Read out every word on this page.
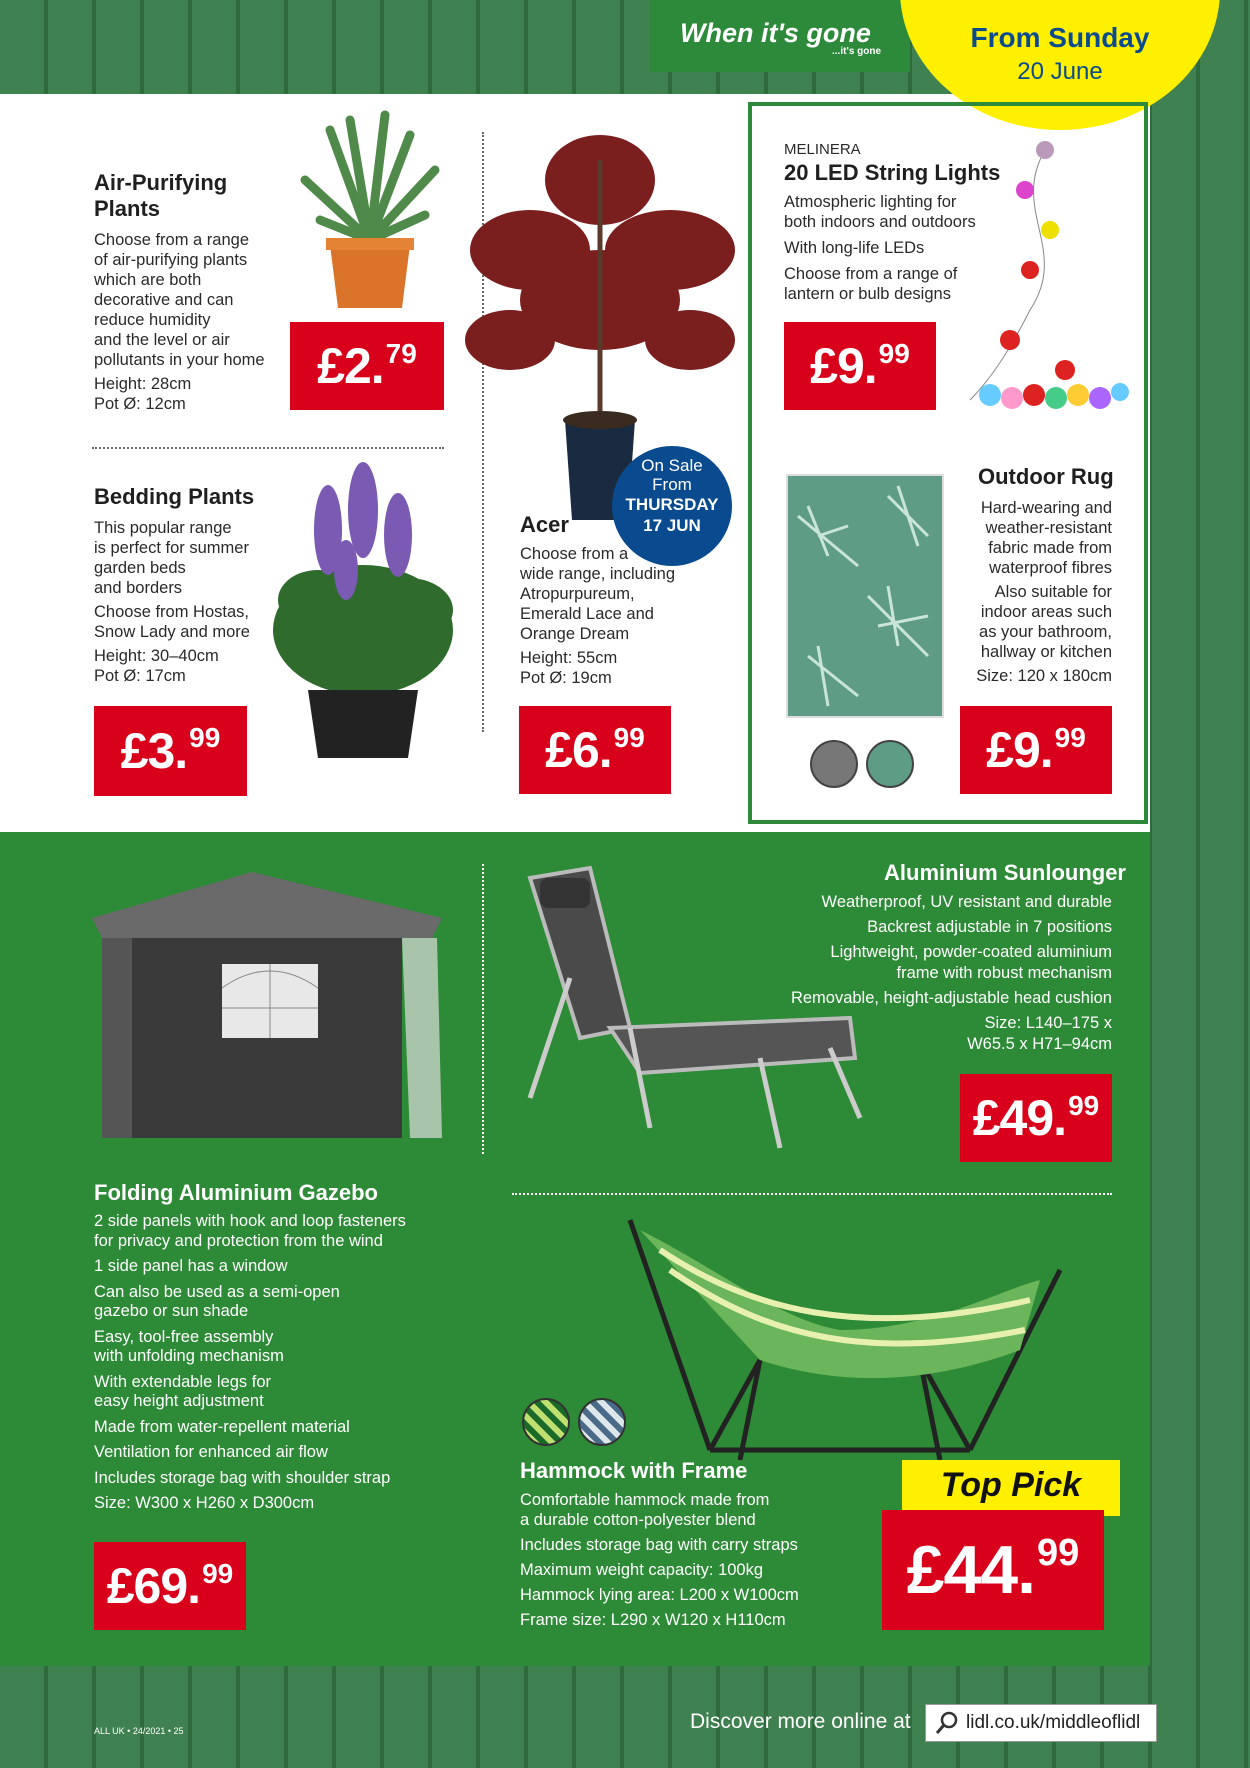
When it's gone
...it's gone	From Sunday
20 June
Air-Purifying
Plants
Choose from a range
of air-purifying plants
which are both
decorative and can
reduce humidity
and the level or air
pollutants in your home
Height: 28cm
Pot Ø: 12cm
£2. 79
Bedding Plants
This popular range
is perfect for summer
garden beds
and borders
Choose from Hostas,
Snow Lady and more
Height: 30–40cm
Pot Ø: 17cm
£3. 99
On Sale
From
THURSDAY
17 JUN
Acer
Choose from a
wide range, including
Atropurpureum,
Emerald Lace and
Orange Dream
Height: 55cm
Pot Ø: 19cm
£6. 99
MELINERA
20 LED String Lights
Atmospheric lighting for
both indoors and outdoors
With long-life LEDs
Choose from a range of
lantern or bulb designs
£9. 99
Outdoor Rug
Hard-wearing and
weather-resistant
fabric made from
waterproof fibres
Also suitable for
indoor areas such
as your bathroom,
hallway or kitchen
Size: 120 x 180cm
£9. 99
Folding Aluminium Gazebo
2 side panels with hook and loop fasteners
for privacy and protection from the wind
1 side panel has a window
Can also be used as a semi-open
gazebo or sun shade
Easy, tool-free assembly
with unfolding mechanism
With extendable legs for
easy height adjustment
Made from water-repellent material
Ventilation for enhanced air flow
Includes storage bag with shoulder strap
Size: W300 x H260 x D300cm
£69. 99
Aluminium Sunlounger
Weatherproof, UV resistant and durable
Backrest adjustable in 7 positions
Lightweight, powder-coated aluminium
frame with robust mechanism
Removable, height-adjustable head cushion
Size: L140–175 x
W65.5 x H71–94cm
£49. 99
Hammock with Frame
Comfortable hammock made from
a durable cotton-polyester blend
Includes storage bag with carry straps
Maximum weight capacity: 100kg
Hammock lying area: L200 x W100cm
Frame size: L290 x W120 x H110cm
Top Pick
£44. 99
ALL UK • 24/2021 • 25	Discover more online at	lidl.co.uk/middleoflidl
